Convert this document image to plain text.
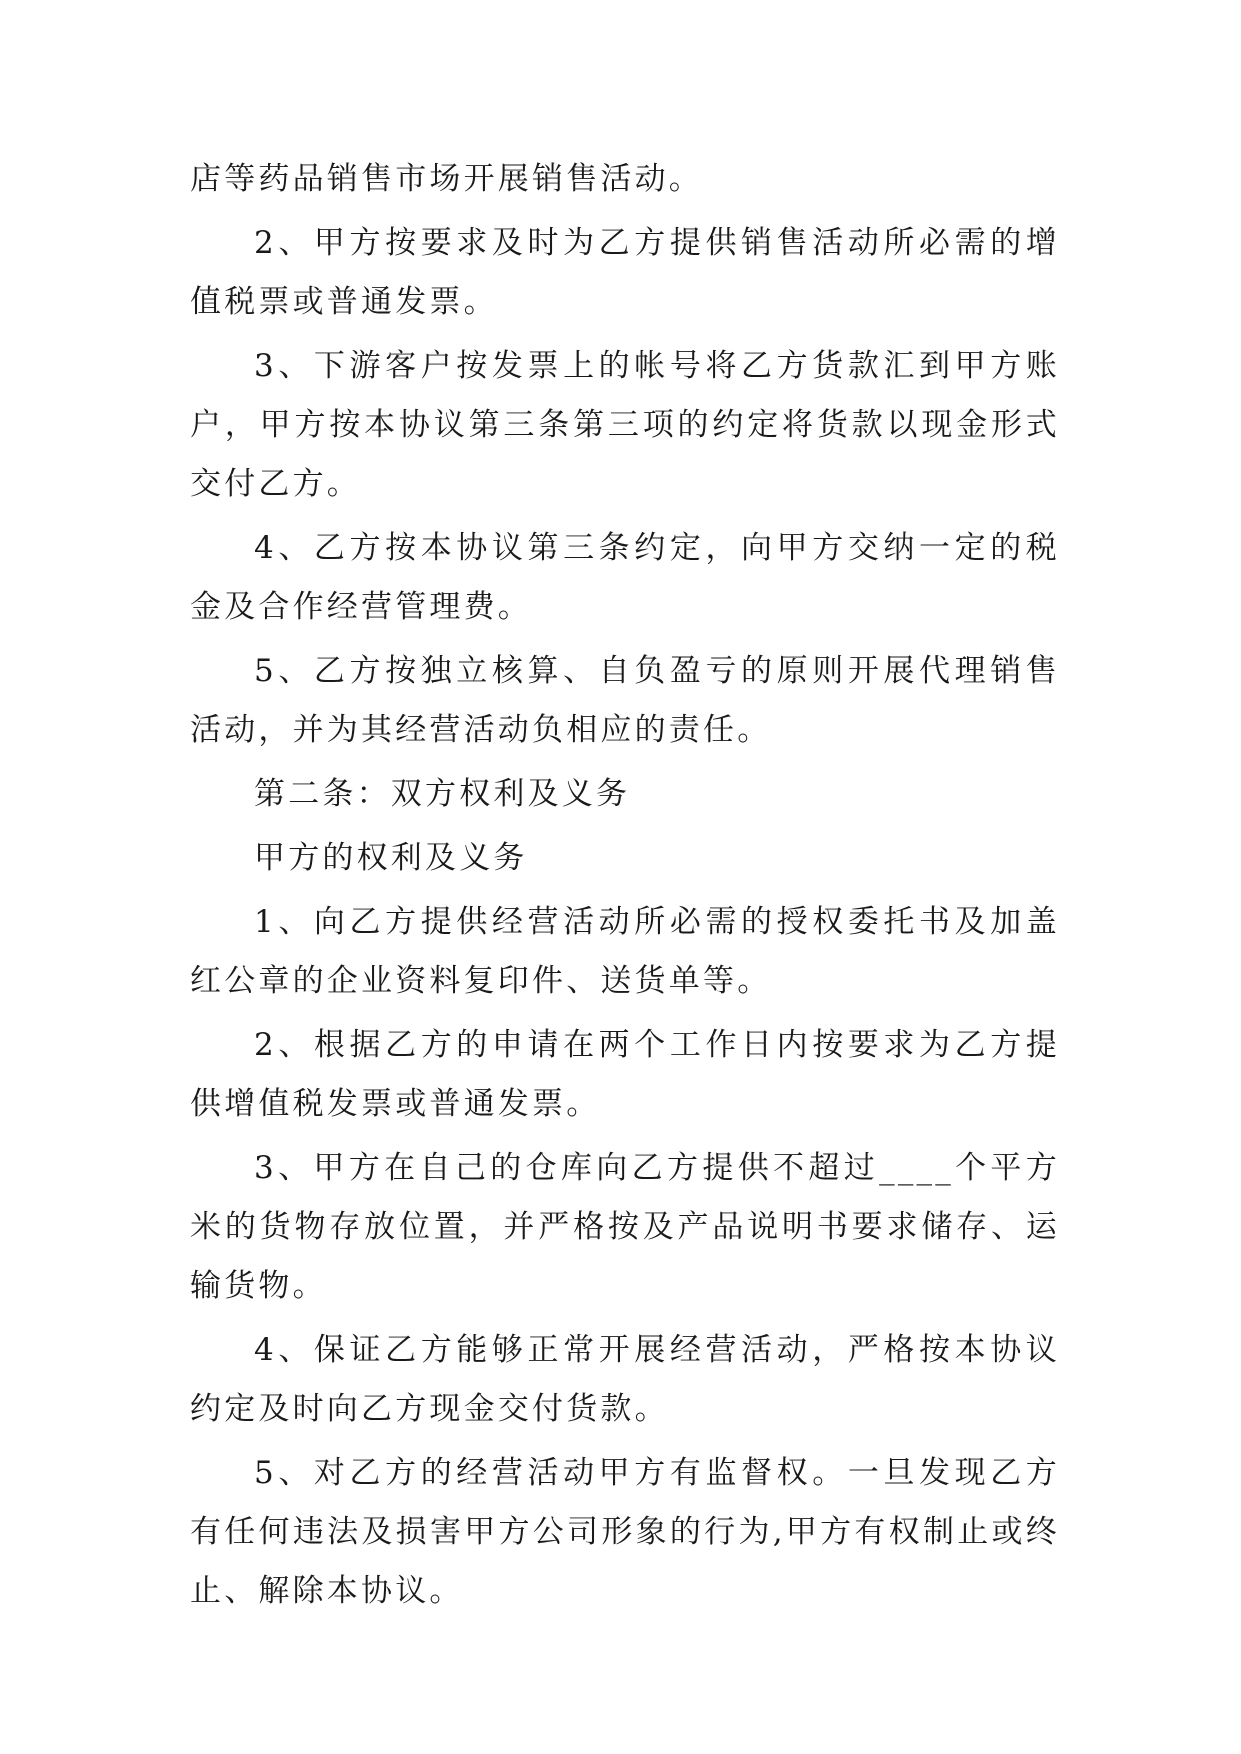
店等药品销售市场开展销售活动。

2、甲方按要求及时为乙方提供销售活动所必需的增值税票或普通发票。

3、下游客户按发票上的帐号将乙方货款汇到甲方账户，甲方按本协议第三条第三项的约定将货款以现金形式交付乙方。

4、乙方按本协议第三条约定，向甲方交纳一定的税金及合作经营管理费。

5、乙方按独立核算、自负盈亏的原则开展代理销售活动，并为其经营活动负相应的责任。

第二条：双方权利及义务

甲方的权利及义务

1、向乙方提供经营活动所必需的授权委托书及加盖红公章的企业资料复印件、送货单等。

2、根据乙方的申请在两个工作日内按要求为乙方提供增值税发票或普通发票。

3、甲方在自己的仓库向乙方提供不超过____个平方米的货物存放位置，并严格按及产品说明书要求储存、运输货物。

4、保证乙方能够正常开展经营活动，严格按本协议约定及时向乙方现金交付货款。

5、对乙方的经营活动甲方有监督权。一旦发现乙方有任何违法及损害甲方公司形象的行为,甲方有权制止或终止、解除本协议。
